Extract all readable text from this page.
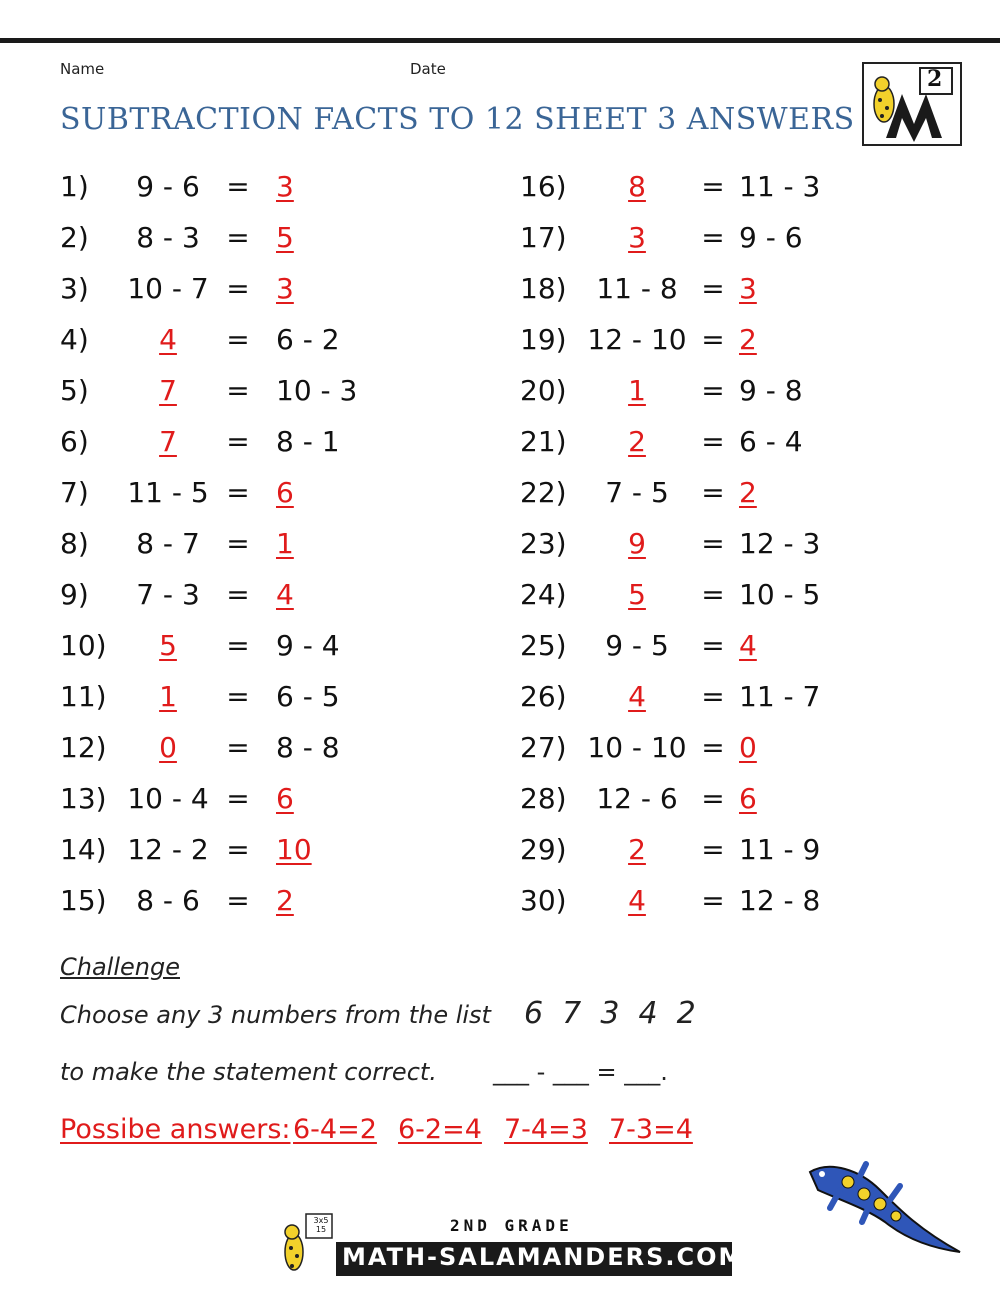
Name	Date
SUBTRACTION FACTS TO 12 SHEET 3 ANSWERS
2
1)	9 - 6 = 3
2)	8 - 3 = 5
3)	10 - 7 = 3
4)	4	= 6 - 2
5)	7	= 10 - 3
6)	7	= 8 - 1
7)	11 - 5 = 6
8)	8 - 7 = 1
9)	7 - 3 = 4
10)	5	= 9 - 4
11)	1	= 6 - 5
12)	0	= 8 - 8
13) 10 - 4 = 6
14) 12 - 2 = 10
15)	8 - 6 = 2
16)	8	= 11 - 3
17)	3	= 9 - 6
18)	11 - 8 = 3
19) 12 - 10 = 2
20)	1	= 9 - 8
21)	2	= 6 - 4
22)	7 - 5	= 2
23)	9	= 12 - 3
24)	5	= 10 - 5
25)	9 - 5	= 4
26)	4	= 11 - 7
27) 10 - 10 = 0
28)	12 - 6 = 6
29)	2	= 11 - 9
30)	4	= 12 - 8
Challenge
Choose any 3 numbers from the list 6  7  3  4  2
to make the statement correct. ___ - ___ = ___.
Possibe answers: 6-4=2 6-2=4 7-4=3 7-3=4
3x5 15	2ND GRADE
MATH-SALAMANDERS.COM
